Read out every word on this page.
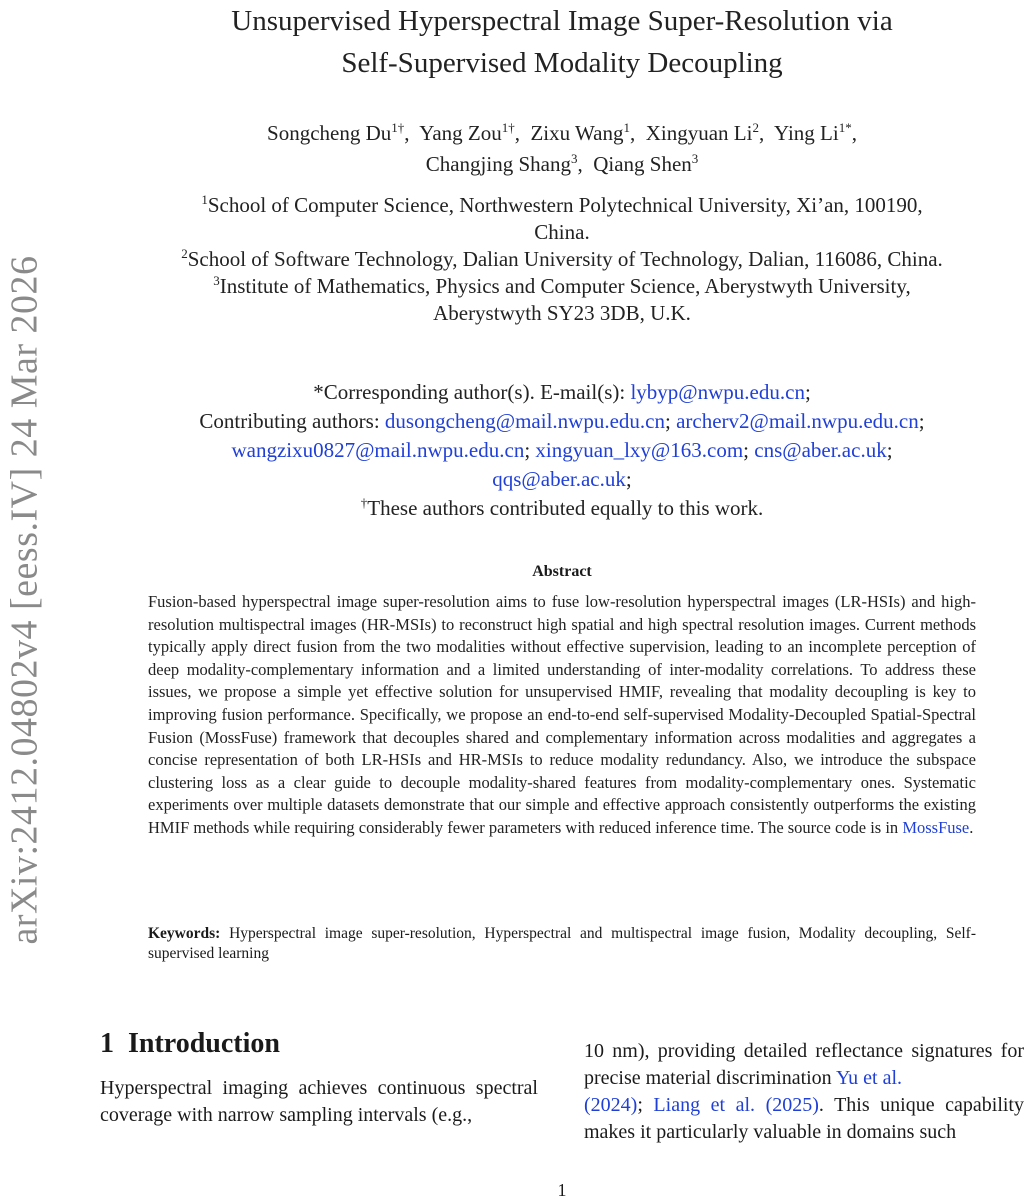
arXiv:2412.04802v4 [eess.IV] 24 Mar 2026
Unsupervised Hyperspectral Image Super-Resolution via
Self-Supervised Modality Decoupling
Songcheng $Du^{1\dagger}$,  Yang Zou$^{1\dagger}$,  Zixu Wang$^1$,  Xingyuan Li$^2$,  Ying $Li^{1*}$,
Changjing Shang$^3$,  Qiang Shen$^3$
$^1$School of Computer Science, Northwestern Polytechnical University, Xi’an, 100190,
China.
$^2$School of Software Technology, Dalian University of Technology, Dalian, 116086, China.
$^3$Institute of Mathematics, Physics and Computer Science, Aberystwyth University,
Aberystwyth SY23 3DB, U.K.
*Corresponding author(s). E-mail(s): lybyp@nwpu.edu.cn;
Contributing authors: dusongcheng@mail.nwpu.edu.cn; archerv2@mail.nwpu.edu.cn;
wangzixu0827@mail.nwpu.edu.cn; xingyuan_lxy@163.com; cns@aber.ac.uk;
qqs@aber.ac.uk;
†These authors contributed equally to this work.
Abstract
Fusion-based hyperspectral image super-resolution aims to fuse low-resolution hyperspectral images (LR-HSIs) and high-resolution multispectral images (HR-MSIs) to reconstruct high spatial and high spectral resolution images. Current methods typically apply direct fusion from the two modalities without effective supervision, leading to an incomplete perception of deep modality-complementary information and a limited understanding of inter-modality correlations. To address these issues, we propose a simple yet effective solution for unsupervised HMIF, revealing that modality decoupling is key to improving fusion performance. Specifically, we propose an end-to-end self-supervised Modality-Decoupled Spatial-Spectral Fusion (MossFuse) framework that decouples shared and complementary information across modalities and aggregates a concise representation of both LR-HSIs and HR-MSIs to reduce modality redundancy. Also, we introduce the subspace clustering loss as a clear guide to decouple modality-shared features from modality-complementary ones. Systematic experiments over multiple datasets demonstrate that our simple and effective approach consistently outperforms the existing HMIF methods while requiring considerably fewer parameters with reduced inference time. The source code is in MossFuse.
Keywords: Hyperspectral image super-resolution, Hyperspectral and multispectral image fusion, Modality decoupling, Self-supervised learning
1 Introduction
Hyperspectral imaging achieves continuous spectral coverage with narrow sampling intervals (e.g.,
10 nm), providing detailed reflectance signatures for precise material discrimination Yu et al.
(2024); Liang et al. (2025). This unique capability makes it particularly valuable in domains such
1
